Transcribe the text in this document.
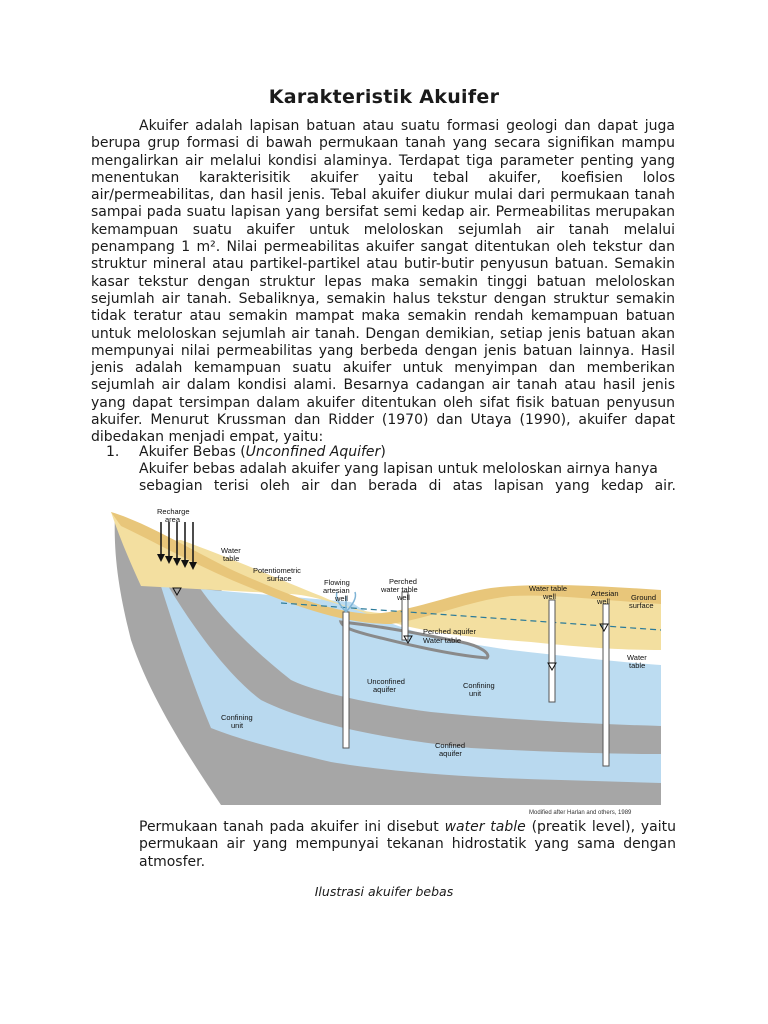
Karakteristik Akuifer

Akuifer adalah lapisan batuan atau suatu formasi geologi dan dapat juga berupa grup formasi di bawah permukaan tanah yang secara signifikan mampu mengalirkan air melalui kondisi alaminya. Terdapat tiga parameter penting yang menentukan karakterisitik akuifer yaitu tebal akuifer, koefisien lolos air/permeabilitas, dan hasil jenis. Tebal akuifer diukur mulai dari permukaan tanah sampai pada suatu lapisan yang bersifat semi kedap air. Permeabilitas merupakan kemampuan suatu akuifer untuk meloloskan sejumlah air tanah melalui penampang 1 m². Nilai permeabilitas akuifer sangat ditentukan oleh tekstur dan struktur mineral atau partikel-partikel atau butir-butir penyusun batuan. Semakin kasar tekstur dengan struktur lepas maka semakin tinggi batuan meloloskan sejumlah air tanah. Sebaliknya, semakin halus tekstur dengan struktur semakin tidak teratur atau semakin mampat maka semakin rendah kemampuan batuan untuk meloloskan sejumlah air tanah. Dengan demikian, setiap jenis batuan akan mempunyai nilai permeabilitas yang berbeda dengan jenis batuan lainnya. Hasil jenis adalah kemampuan suatu akuifer untuk menyimpan dan memberikan sejumlah air dalam kondisi alami. Besarnya cadangan air tanah atau hasil jenis yang dapat tersimpan dalam akuifer ditentukan oleh sifat fisik batuan penyusun akuifer. Menurut Krussman dan Ridder (1970) dan Utaya (1990), akuifer dapat dibedakan menjadi empat, yaitu:

1. Akuifer Bebas (Unconfined Aquifer)

Akuifer bebas adalah akuifer yang lapisan untuk meloloskan airnya hanya
sebagian terisi oleh air dan berada di atas lapisan yang kedap air.

Recharge
area
Water
table
Potentiometric
surface	Flowing
artesian
well
Perched
water table
well
Water table
well	Artesian
well	Ground
surface
Perched aquifer
Water table
Water
table
Unconfined
aquifer	Confining
unit
Confining
unit
Confined
aquifer
Modified after Harlan and others, 1989

Permukaan tanah pada akuifer ini disebut water table (preatik level), yaitu permukaan air yang mempunyai tekanan hidrostatik yang sama dengan atmosfer.

Ilustrasi akuifer bebas
